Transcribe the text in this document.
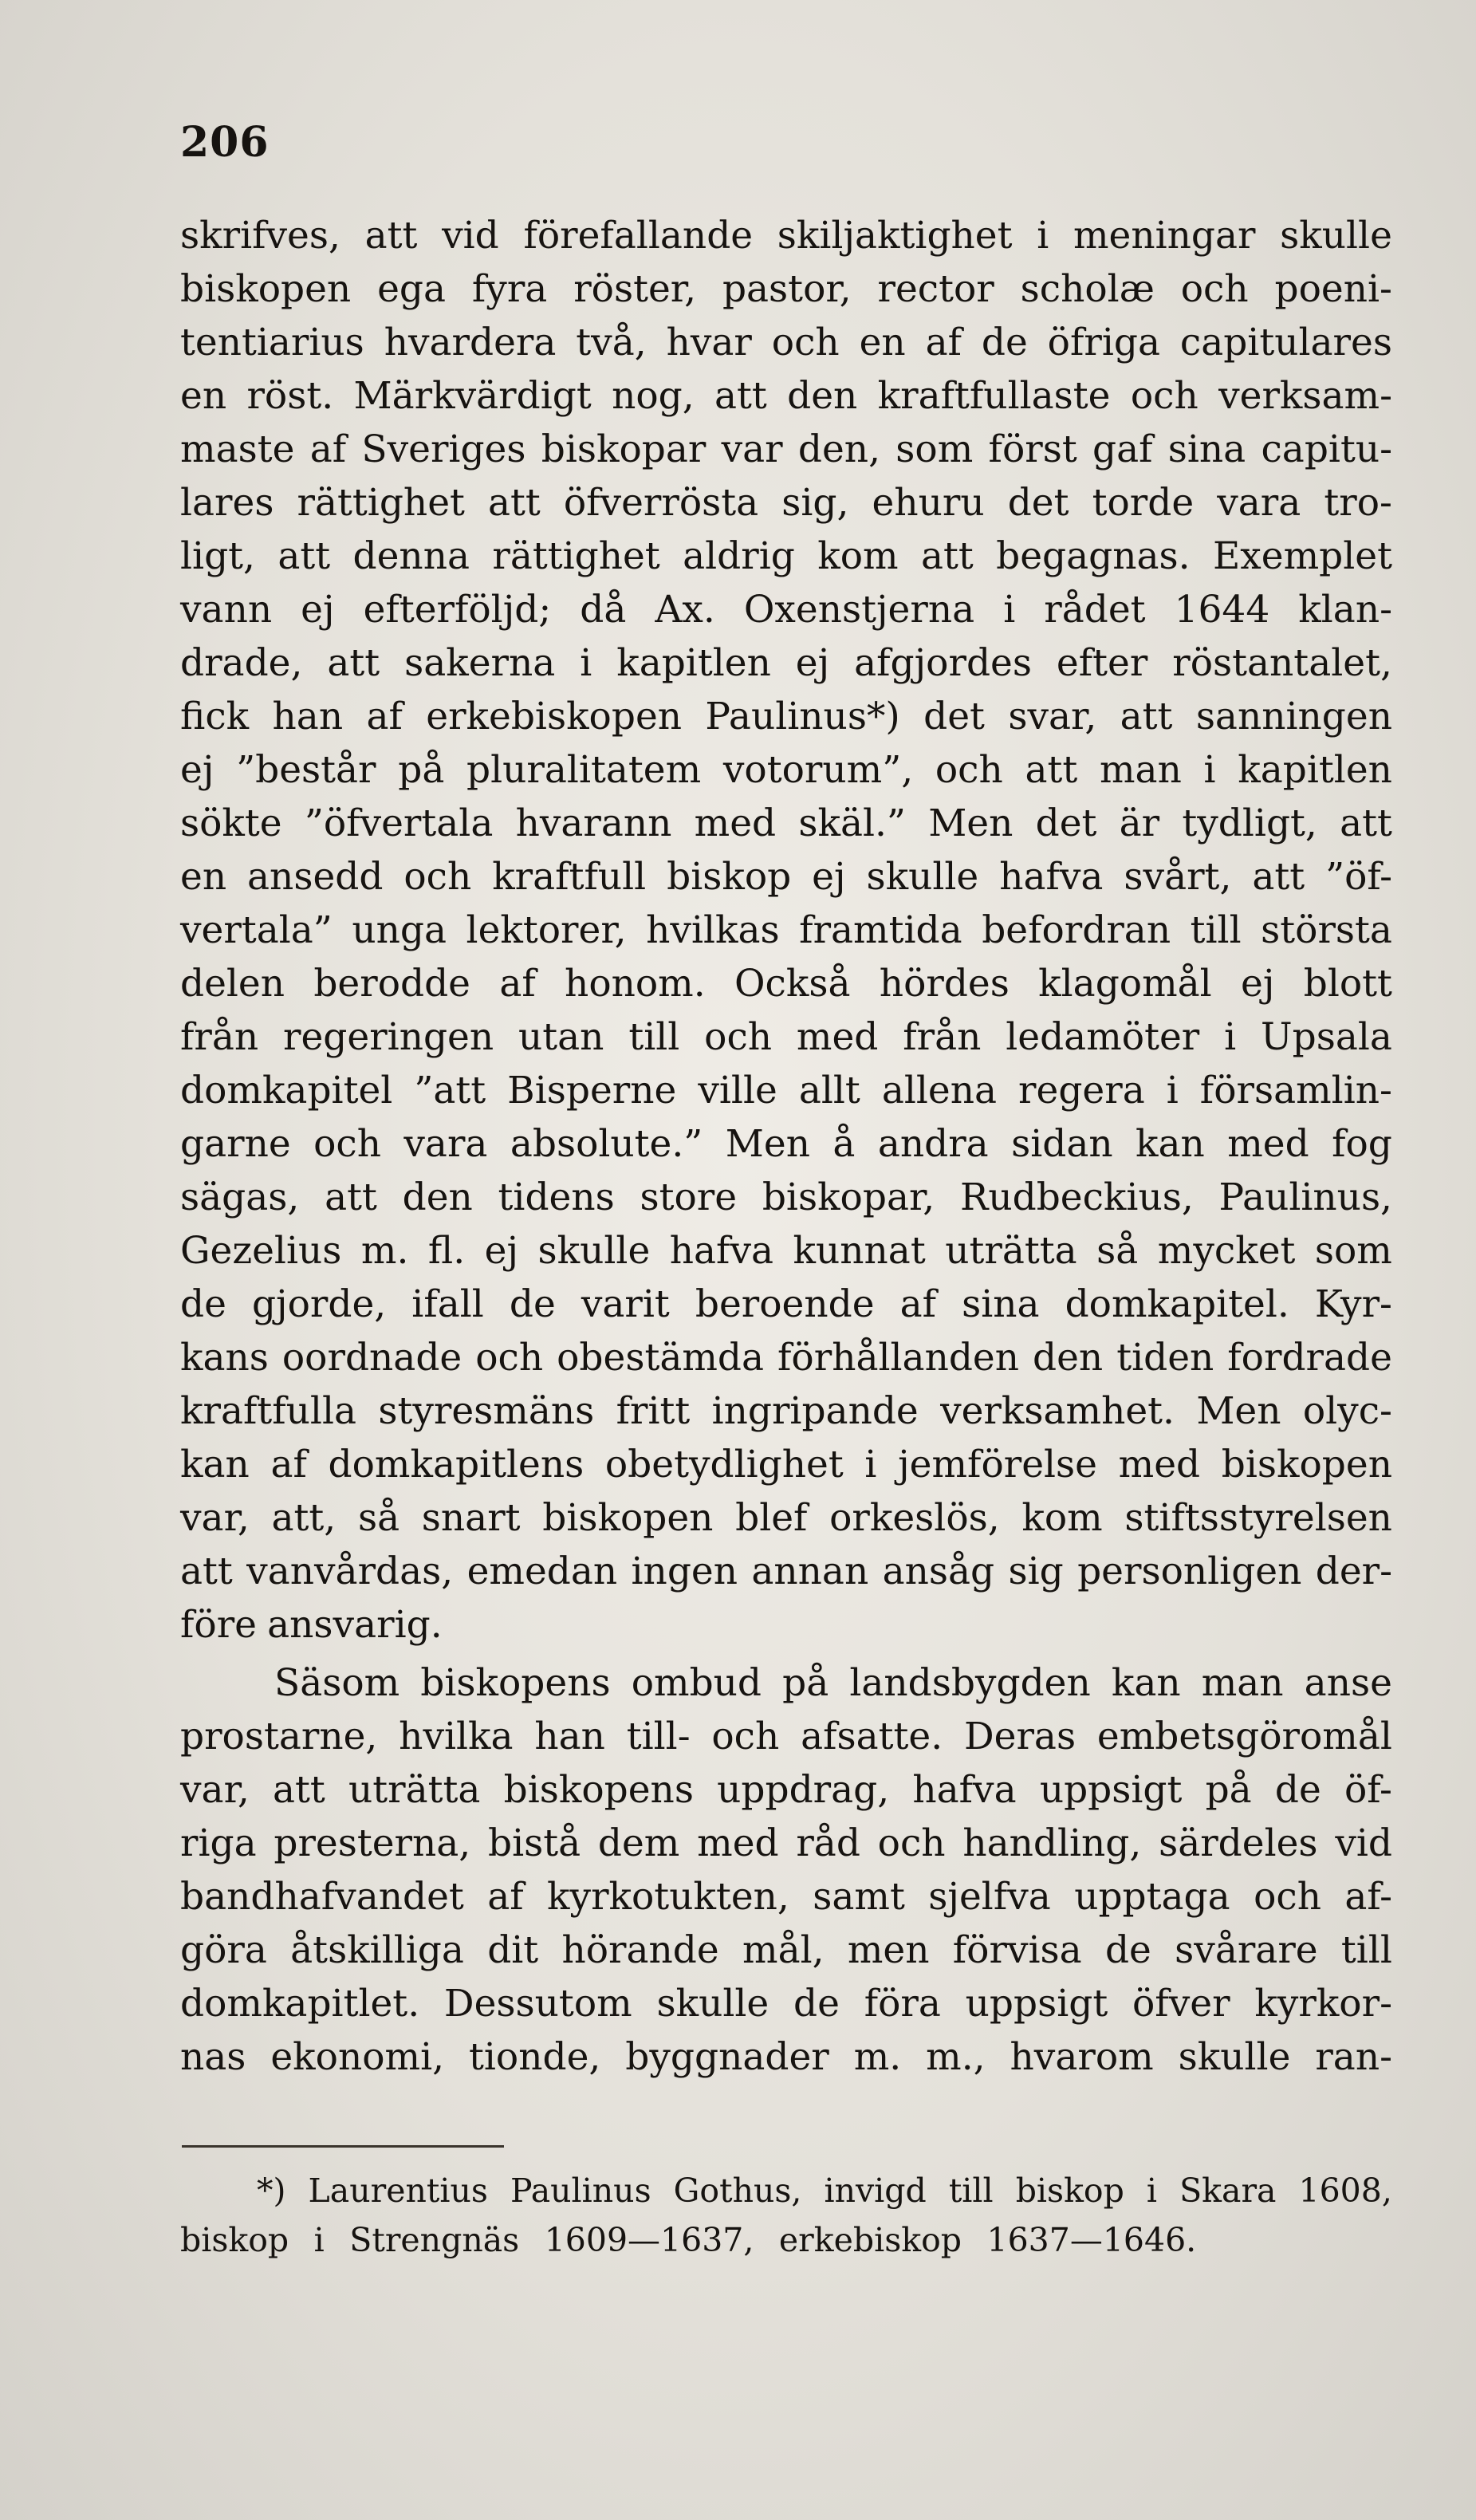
206
skrifves, att vid förefallande skiljaktighet i meningar skulle
biskopen ega fyra röster, pastor, rector scholæ och poeni-
tentiarius hvardera två, hvar och en af de öfriga capitulares
en röst. Märkvärdigt nog, att den kraftfullaste och verksam-
maste af Sveriges biskopar var den, som först gaf sina capitu-
lares rättighet att öfverrösta sig, ehuru det torde vara tro-
ligt, att denna rättighet aldrig kom att begagnas. Exemplet
vann ej efterföljd; då Ax. Oxenstjerna i rådet 1644 klan-
drade, att sakerna i kapitlen ej afgjordes efter röstantalet,
fick han af erkebiskopen Paulinus*) det svar, att sanningen
ej ”består på pluralitatem votorum”, och att man i kapitlen
sökte ”öfvertala hvarann med skäl.” Men det är tydligt, att
en ansedd och kraftfull biskop ej skulle hafva svårt, att ”öf-
vertala” unga lektorer, hvilkas framtida befordran till största
delen berodde af honom. Också hördes klagomål ej blott
från regeringen utan till och med från ledamöter i Upsala
domkapitel ”att Bisperne ville allt allena regera i församlin-
garne och vara absolute.” Men å andra sidan kan med fog
sägas, att den tidens store biskopar, Rudbeckius, Paulinus,
Gezelius m. fl. ej skulle hafva kunnat uträtta så mycket som
de gjorde, ifall de varit beroende af sina domkapitel. Kyr-
kans oordnade och obestämda förhållanden den tiden fordrade
kraftfulla styresmäns fritt ingripande verksamhet. Men olyc-
kan af domkapitlens obetydlighet i jemförelse med biskopen
var, att, så snart biskopen blef orkeslös, kom stiftsstyrelsen
att vanvårdas, emedan ingen annan ansåg sig personligen der-
före ansvarig.
Säsom biskopens ombud på landsbygden kan man anse
prostarne, hvilka han till- och afsatte. Deras embetsgöromål
var, att uträtta biskopens uppdrag, hafva uppsigt på de öf-
riga presterna, bistå dem med råd och handling, särdeles vid
bandhafvandet af kyrkotukten, samt sjelfva upptaga och af-
göra åtskilliga dit hörande mål, men förvisa de svårare till
domkapitlet. Dessutom skulle de föra uppsigt öfver kyrkor-
nas ekonomi, tionde, byggnader m. m., hvarom skulle ran-
*) Laurentius Paulinus Gothus, invigd till biskop i Skara 1608,
biskop i Strengnäs 1609—1637, erkebiskop 1637—1646.
